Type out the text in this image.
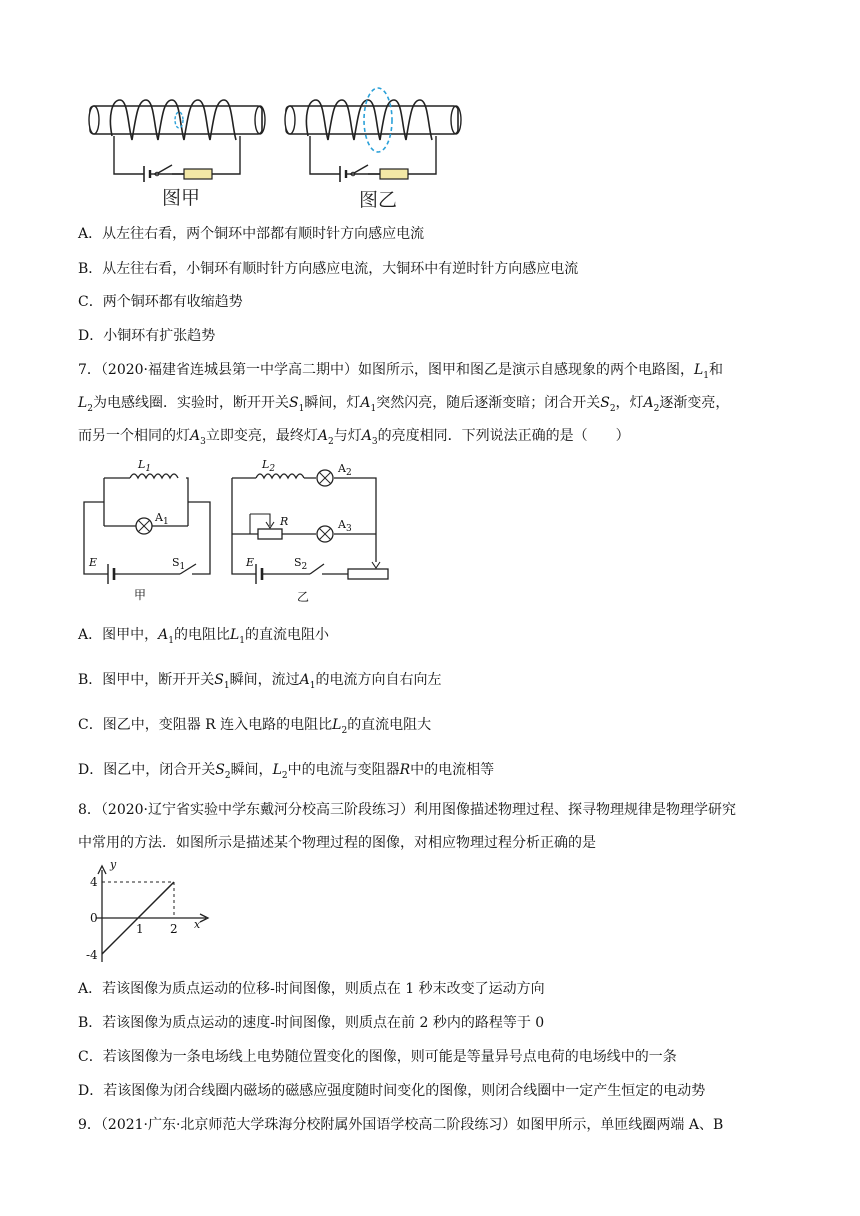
图甲	图乙
A．从左往右看，两个铜环中部都有顺时针方向感应电流
B．从左往右看，小铜环有顺时针方向感应电流，大铜环中有逆时针方向感应电流
C．两个铜环都有收缩趋势
D．小铜环有扩张趋势
7．（2020·福建省连城县第一中学高二期中）如图所示，图甲和图乙是演示自感现象的两个电路图，$L_1$和
$L_2$为电感线圈．实验时，断开开关$S_1$瞬间，灯$A_1$突然闪亮，随后逐渐变暗；闭合开关$S_2$，灯$A_2$逐渐变亮，
而另一个相同的灯$A_3$立即变亮，最终灯$A_2$与灯$A_3$的亮度相同．下列说法正确的是（　　）
$L_1$
$A_1$
E	$S_1$
甲
$L_2$	$A_2$
R	$A_3$
E	$S_2$
乙
A．图甲中，$A_1$的电阻比$L_1$的直流电阻小
B．图甲中，断开开关$S_1$瞬间，流过$A_1$的电流方向自右向左
C．图乙中，变阻器 R 连入电路的电阻比$L_2$的直流电阻大
D．图乙中，闭合开关$S_2$瞬间，$L_2$中的电流与变阻器R中的电流相等
8．（2020·辽宁省实验中学东戴河分校高三阶段练习）利用图像描述物理过程、探寻物理规律是物理学研究
中常用的方法．如图所示是描述某个物理过程的图像，对相应物理过程分析正确的是
y
x
4
0
-4
1 2
A．若该图像为质点运动的位移-时间图像，则质点在 1 秒末改变了运动方向
B．若该图像为质点运动的速度-时间图像，则质点在前 2 秒内的路程等于 0
C．若该图像为一条电场线上电势随位置变化的图像，则可能是等量异号点电荷的电场线中的一条
D．若该图像为闭合线圈内磁场的磁感应强度随时间变化的图像，则闭合线圈中一定产生恒定的电动势
9．（2021·广东·北京师范大学珠海分校附属外国语学校高二阶段练习）如图甲所示，单匝线圈两端 A、B
